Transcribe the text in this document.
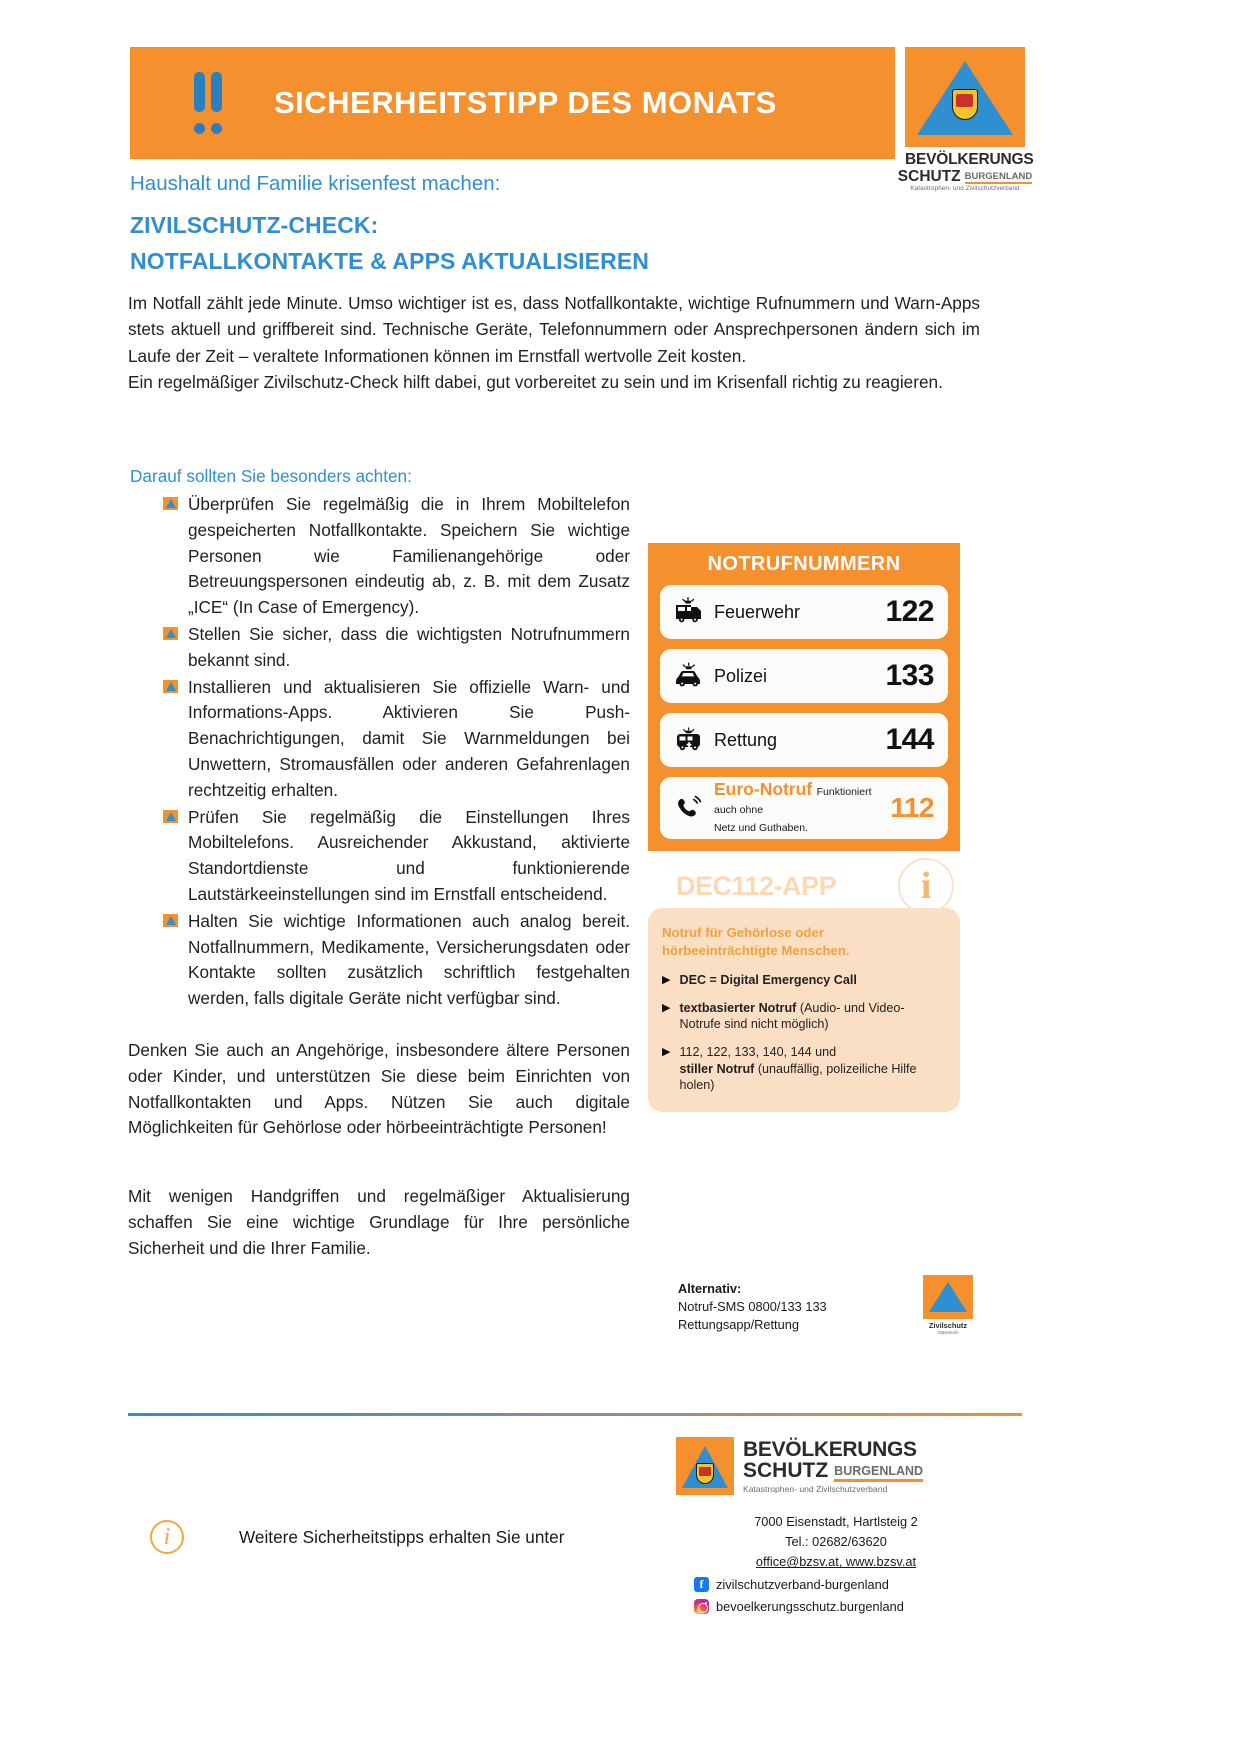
SICHERHEITSTIPP DES MONATS
BEVÖLKERUNGS
SCHUTZ BURGENLAND
Katastrophen- und Zivilschutzverband
Haushalt und Familie krisenfest machen:
ZIVILSCHUTZ-CHECK:
NOTFALLKONTAKTE & APPS AKTUALISIEREN

Im Notfall zählt jede Minute. Umso wichtiger ist es, dass Notfallkontakte, wichtige Rufnummern und Warn-Apps stets aktuell und griffbereit sind. Technische Geräte, Telefonnummern oder Ansprechpersonen ändern sich im Laufe der Zeit – veraltete Informationen können im Ernstfall wertvolle Zeit kosten.

Ein regelmäßiger Zivilschutz-Check hilft dabei, gut vorbereitet zu sein und im Krisenfall richtig zu reagieren.

Darauf sollten Sie besonders achten:
Überprüfen Sie regelmäßig die in Ihrem Mobiltelefon gespeicherten Notfallkontakte. Speichern Sie wichtige Personen wie Familienangehörige oder Betreuungspersonen eindeutig ab, z. B. mit dem Zusatz „ICE“ (In Case of Emergency).
Stellen Sie sicher, dass die wichtigsten Notrufnummern bekannt sind.
Installieren und aktualisieren Sie offizielle Warn- und Informations-Apps. Aktivieren Sie Push-Benachrichtigungen, damit Sie Warnmeldungen bei Unwettern, Stromausfällen oder anderen Gefahrenlagen rechtzeitig erhalten.
Prüfen Sie regelmäßig die Einstellungen Ihres Mobiltelefons. Ausreichender Akkustand, aktivierte Standortdienste und funktionierende Lautstärkeeinstellungen sind im Ernstfall entscheidend.
Halten Sie wichtige Informationen auch analog bereit. Notfallnummern, Medikamente, Versicherungsdaten oder Kontakte sollten zusätzlich schriftlich festgehalten werden, falls digitale Geräte nicht verfügbar sind.
Denken Sie auch an Angehörige, insbesondere ältere Personen oder Kinder, und unterstützen Sie diese beim Einrichten von Notfallkontakten und Apps. Nützen Sie auch digitale Möglichkeiten für Gehörlose oder hörbeeinträchtigte Personen!
Mit wenigen Handgriffen und regelmäßiger Aktualisierung schaffen Sie eine wichtige Grundlage für Ihre persönliche Sicherheit und die Ihrer Familie.
NOTRUFNUMMERN
Feuerwehr	122
Polizei	133
Rettung	144
Euro-Notruf Funktioniert auch ohne
Netz und Guthaben.
112
DEC112-APP	i
Notruf für Gehörlose oder
hörbeeinträchtigte Menschen.
▶ DEC = Digital Emergency Call
▶ textbasierter Notruf (Audio- und Video-Notrufe sind nicht möglich)
▶ 112, 122, 133, 140, 144 und
stiller Notruf (unauffällig, polizeiliche Hilfe holen)
Alternativ:
Notruf-SMS 0800/133 133
Rettungsapp/Rettung	Zivilschutz
Österreich
BEVÖLKERUNGS
SCHUTZ BURGENLAND
Katastrophen- und Zivilschutzverband
7000 Eisenstadt, Hartlsteig 2
Tel.: 02682/63620
office@bzsv.at, www.bzsv.at
f zivilschutzverband-burgenland
bevoelkerungsschutz.burgenland
i	Weitere Sicherheitstipps erhalten Sie unter
